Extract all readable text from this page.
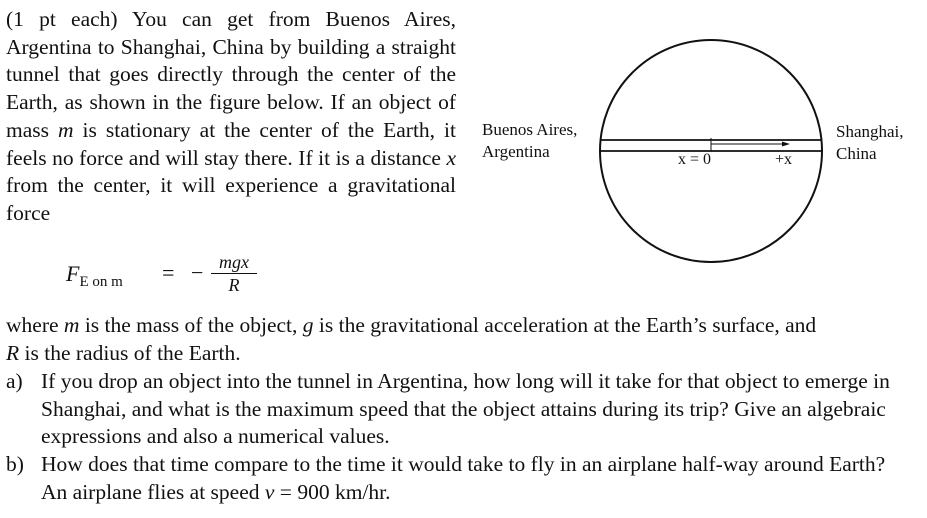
(1 pt each) You can get from Buenos Aires, Argentina to Shanghai, China by building a straight tunnel that goes directly through the center of the Earth, as shown in the figure below. If an object of mass m is stationary at the center of the Earth, it feels no force and will stay there. If it is a distance x from the center, it will experience a gravitational force
Buenos Aires,
Argentina
Shanghai,
China
x = 0	+x
$F_{E on m}$ = − mgx
R
where m is the mass of the object, g is the gravitational acceleration at the Earth’s surface, and
R is the radius of the Earth.
a) If you drop an object into the tunnel in Argentina, how long will it take for that object to emerge in Shanghai, and what is the maximum speed that the object attains during its trip? Give an algebraic expressions and also a numerical values.
b) How does that time compare to the time it would take to fly in an airplane half-way around Earth? An airplane flies at speed v = 900 km/hr.
